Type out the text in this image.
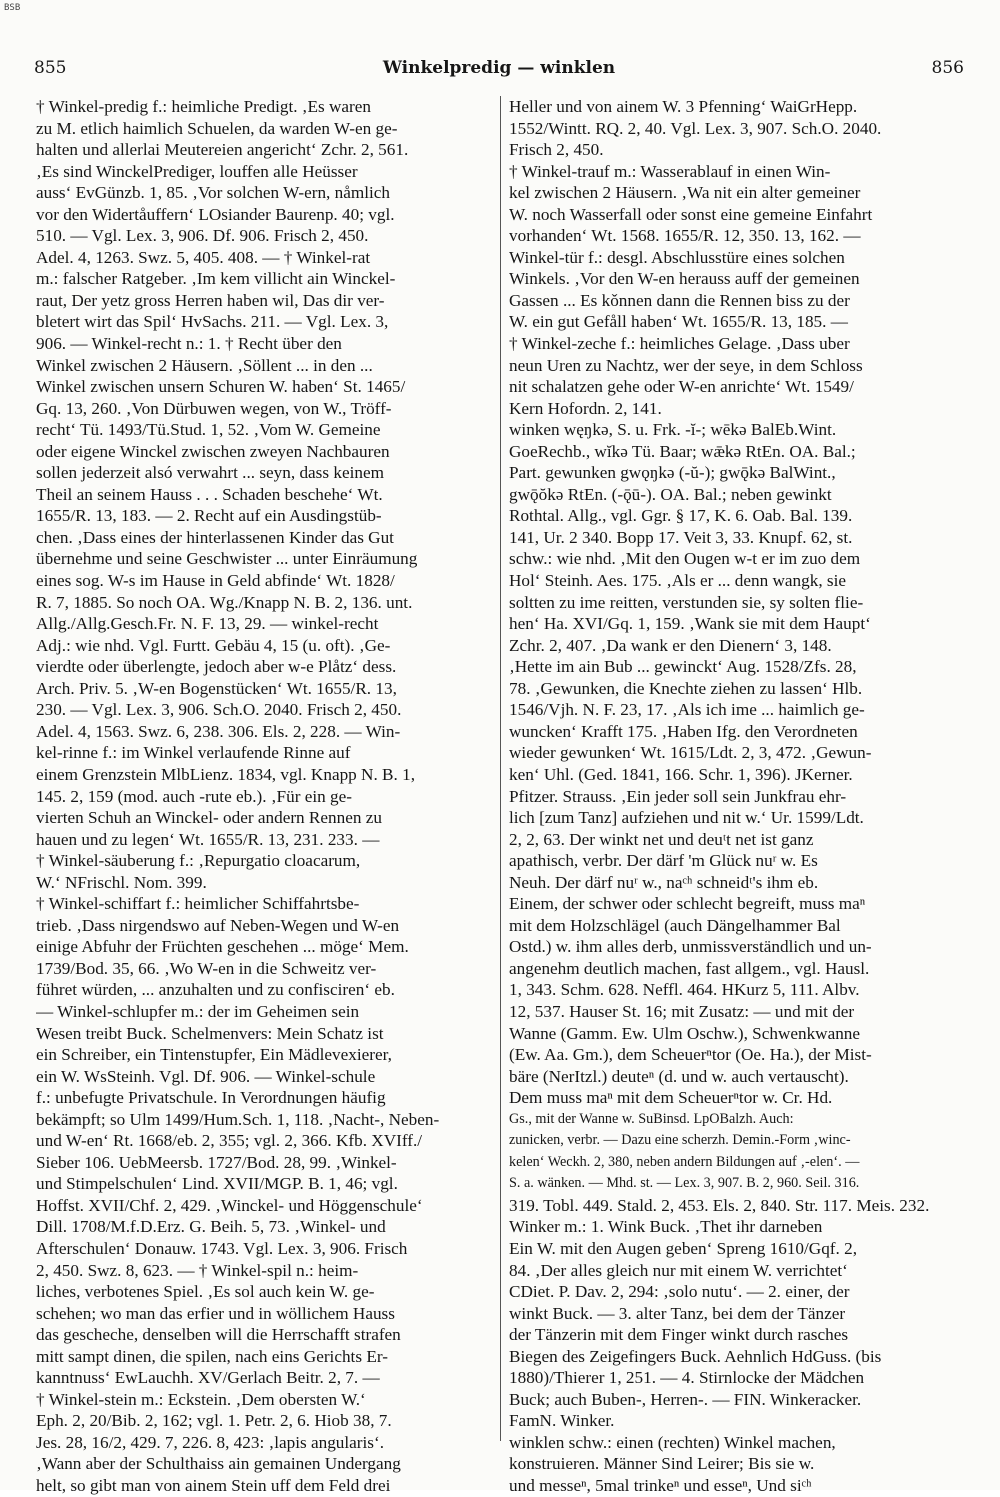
BSB
855	Winkelpredig — winklen	856
† Winkel-predig f.: heimliche Predigt. ‚Es waren
zu M. etlich haimlich Schuelen, da warden W-en ge-
halten und allerlai Meutereien angericht‘ Zchr. 2, 561.
‚Es sind WinckelPrediger, louffen alle Heüsser
auss‘ EvGünzb. 1, 85. ‚Vor solchen W-ern, nåmlich
vor den Widertåuffern‘ LOsiander Baurenp. 40; vgl.
510. — Vgl. Lex. 3, 906. Df. 906. Frisch 2, 450.
Adel. 4, 1263. Swz. 5, 405. 408. — † Winkel-rat
m.: falscher Ratgeber. ‚Im kem villicht ain Winckel-
raut, Der yetz gross Herren haben wil, Das dir ver-
bletert wirt das Spil‘ HvSachs. 211. — Vgl. Lex. 3,
906. — Winkel-recht n.: 1. † Recht über den
Winkel zwischen 2 Häusern. ‚Söllent ... in den ...
Winkel zwischen unsern Schuren W. haben‘ St. 1465/
Gq. 13, 260. ‚Von Dürbuwen wegen, von W., Tröff-
recht‘ Tü. 1493/Tü.Stud. 1, 52. ‚Vom W. Gemeine
oder eigene Winckel zwischen zweyen Nachbauren
sollen jederzeit alsó verwahrt ... seyn, dass keinem
Theil an seinem Hauss . . . Schaden beschehe‘ Wt.
1655/R. 13, 183. — 2. Recht auf ein Ausdingstüb-
chen. ‚Dass eines der hinterlassenen Kinder das Gut
übernehme und seine Geschwister ... unter Einräumung
eines sog. W-s im Hause in Geld abfinde‘ Wt. 1828/
R. 7, 1885. So noch OA. Wg./Knapp N. B. 2, 136. unt.
Allg./Allg.Gesch.Fr. N. F. 13, 29. — winkel-recht
Adj.: wie nhd. Vgl. Furtt. Gebäu 4, 15 (u. oft). ‚Ge-
vierdte oder überlengte, jedoch aber w-e Plåtz‘ dess.
Arch. Priv. 5. ‚W-en Bogenstücken‘ Wt. 1655/R. 13,
230. — Vgl. Lex. 3, 906. Sch.O. 2040. Frisch 2, 450.
Adel. 4, 1563. Swz. 6, 238. 306. Els. 2, 228. — Win-
kel-rinne f.: im Winkel verlaufende Rinne auf
einem Grenzstein MlbLienz. 1834, vgl. Knapp N. B. 1,
145. 2, 159 (mod. auch -rute eb.). ‚Für ein ge-
vierten Schuh an Winckel- oder andern Rennen zu
hauen und zu legen‘ Wt. 1655/R. 13, 231. 233. —
† Winkel-säuberung f.: ‚Repurgatio cloacarum,
W.‘ NFrischl. Nom. 399.
† Winkel-schiffart f.: heimlicher Schiffahrtsbe-
trieb. ‚Dass nirgendswo auf Neben-Wegen und W-en
einige Abfuhr der Früchten geschehen ... möge‘ Mem.
1739/Bod. 35, 66. ‚Wo W-en in die Schweitz ver-
führet würden, ... anzuhalten und zu confisciren‘ eb.
— Winkel-schlupfer m.: der im Geheimen sein
Wesen treibt Buck. Schelmenvers: Mein Schatz ist
ein Schreiber, ein Tintenstupfer, Ein Mädlevexierer,
ein W. WsSteinh. Vgl. Df. 906. — Winkel-schule
f.: unbefugte Privatschule. In Verordnungen häufig
bekämpft; so Ulm 1499/Hum.Sch. 1, 118. ‚Nacht-, Neben-
und W-en‘ Rt. 1668/eb. 2, 355; vgl. 2, 366. Kfb. XVIff./
Sieber 106. UebMeersb. 1727/Bod. 28, 99. ‚Winkel-
und Stimpelschulen‘ Lind. XVII/MGP. B. 1, 46; vgl.
Hoffst. XVII/Chf. 2, 429. ‚Winckel- und Höggenschule‘
Dill. 1708/M.f.D.Erz. G. Beih. 5, 73. ‚Winkel- und
Afterschulen‘ Donauw. 1743. Vgl. Lex. 3, 906. Frisch
2, 450. Swz. 8, 623. — † Winkel-spil n.: heim-
liches, verbotenes Spiel. ‚Es sol auch kein W. ge-
schehen; wo man das erfier und in wöllichem Hauss
das gescheche, denselben will die Herrschafft strafen
mitt sampt dinen, die spilen, nach eins Gerichts Er-
kanntnuss‘ EwLauchh. XV/Gerlach Beitr. 2, 7. —
† Winkel-stein m.: Eckstein. ‚Dem obersten W.‘
Eph. 2, 20/Bib. 2, 162; vgl. 1. Petr. 2, 6. Hiob 38, 7.
Jes. 28, 16/2, 429. 7, 226. 8, 423: ‚lapis angularis‘.
‚Wann aber der Schulthaiss ain gemainen Undergang
helt, so gibt man von ainem Stein uff dem Feld drei
Heller und von ainem W. 3 Pfenning‘ WaiGrHepp.
1552/Wintt. RQ. 2, 40. Vgl. Lex. 3, 907. Sch.O. 2040.
Frisch 2, 450.
† Winkel-trauf m.: Wasserablauf in einen Win-
kel zwischen 2 Häusern. ‚Wa nit ein alter gemeiner
W. noch Wasserfall oder sonst eine gemeine Einfahrt
vorhanden‘ Wt. 1568. 1655/R. 12, 350. 13, 162. —
Winkel-tür f.: desgl. Abschlusstüre eines solchen
Winkels. ‚Vor den W-en herauss auff der gemeinen
Gassen ... Es kǒnnen dann die Rennen biss zu der
W. ein gut Gefåll haben‘ Wt. 1655/R. 13, 185. —
† Winkel-zeche f.: heimliches Gelage. ‚Dass uber
neun Uren zu Nachtz, wer der seye, in dem Schloss
nit schalatzen gehe oder W-en anrichte‘ Wt. 1549/
Kern Hofordn. 2, 141.
winken węŋkə, S. u. Frk. -ĭ-; wēkə BalEb.Wint.
GoeRechb., wĭkə Tü. Baar; wǣkə RtEn. OA. Bal.;
Part. gewunken gwǫŋkə (-ŭ-); gwǭkə BalWint.,
gwǭŏkə RtEn. (-ǭū-). OA. Bal.; neben gewinkt
Rothtal. Allg., vgl. Ggr. § 17, K. 6. Oab. Bal. 139.
141, Ur. 2 340. Bopp 17. Veit 3, 33. Knupf. 62, st.
schw.: wie nhd. ‚Mit den Ougen w-t er im zuo dem
Hol‘ Steinh. Aes. 175. ‚Als er ... denn wangk, sie
soltten zu ime reitten, verstunden sie, sy solten flie-
hen‘ Ha. XVI/Gq. 1, 159. ‚Wank sie mit dem Haupt‘
Zchr. 2, 407. ‚Da wank er den Dienern‘ 3, 148.
‚Hette im ain Bub ... gewinckt‘ Aug. 1528/Zfs. 28,
78. ‚Gewunken, die Knechte ziehen zu lassen‘ Hlb.
1546/Vjh. N. F. 23, 17. ‚Als ich ime ... haimlich ge-
wuncken‘ Krafft 175. ‚Haben Ifg. den Verordneten
wieder gewunken‘ Wt. 1615/Ldt. 2, 3, 472. ‚Gewun-
ken‘ Uhl. (Ged. 1841, 166. Schr. 1, 396). JKerner.
Pfitzer. Strauss. ‚Ein jeder soll sein Junkfrau ehr-
lich [zum Tanz] aufziehen und nit w.‘ Ur. 1599/Ldt.
2, 2, 63. Der winkt net und deuᵗt net ist ganz
apathisch, verbr. Der därf 'm Glück nuʳ w. Es
Neuh. Der därf nuʳ w., naᶜʰ schneidᵗ's ihm eb.
Einem, der schwer oder schlecht begreift, muss maⁿ
mit dem Holzschlägel (auch Dängelhammer Bal
Ostd.) w. ihm alles derb, unmissverständlich und un-
angenehm deutlich machen, fast allgem., vgl. Hausl.
1, 343. Schm. 628. Neffl. 464. HKurz 5, 111. Albv.
12, 537. Hauser St. 16; mit Zusatz: — und mit der
Wanne (Gamm. Ew. Ulm Oschw.), Schwenkwanne
(Ew. Aa. Gm.), dem Scheuerⁿtor (Oe. Ha.), der Mist-
bäre (NerItzl.) deuteⁿ (d. und w. auch vertauscht).
Dem muss maⁿ mit dem Scheuerⁿtor w. Cr. Hd.
Gs., mit der Wanne w. SuBinsd. LpOBalzh. Auch:
zunicken, verbr. — Dazu eine scherzh. Demin.-Form ‚winc-
kelen‘ Weckh. 2, 380, neben andern Bildungen auf ‚-elen‘. —
S. a. wänken. — Mhd. st. — Lex. 3, 907. B. 2, 960. Seil. 316.
319. Tobl. 449. Stald. 2, 453. Els. 2, 840. Str. 117. Meis. 232.
Winker m.: 1. Wink Buck. ‚Thet ihr darneben
Ein W. mit den Augen geben‘ Spreng 1610/Gqf. 2,
84. ‚Der alles gleich nur mit einem W. verrichtet‘
CDiet. P. Dav. 2, 294: ‚solo nutu‘. — 2. einer, der
winkt Buck. — 3. alter Tanz, bei dem der Tänzer
der Tänzerin mit dem Finger winkt durch rasches
Biegen des Zeigefingers Buck. Aehnlich HdGuss. (bis
1880)/Thierer 1, 251. — 4. Stirnlocke der Mädchen
Buck; auch Buben-, Herren-. — FIN. Winkeracker.
FamN. Winker.
winklen schw.: einen (rechten) Winkel machen,
konstruieren. Männer Sind Leirer; Bis sie w.
und messeⁿ, 5mal trinkeⁿ und esseⁿ, Und siᶜʰ
